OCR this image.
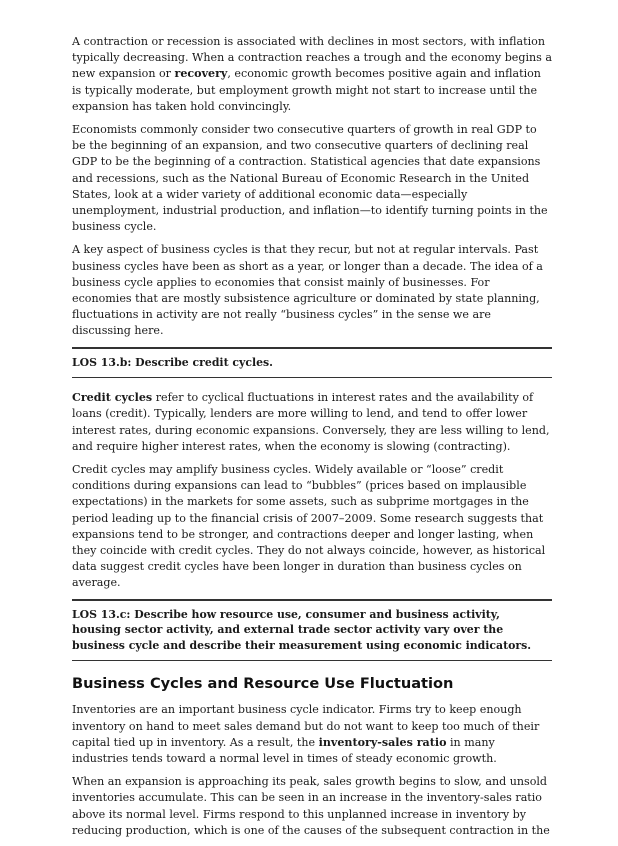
A contraction or recession is associated with declines in most sectors, with inflation typically decreasing. When a contraction reaches a trough and the economy begins a new expansion or recovery, economic growth becomes positive again and inflation is typically moderate, but employment growth might not start to increase until the expansion has taken hold convincingly.

Economists commonly consider two consecutive quarters of growth in real GDP to be the beginning of an expansion, and two consecutive quarters of declining real GDP to be the beginning of a contraction. Statistical agencies that date expansions and recessions, such as the National Bureau of Economic Research in the United States, look at a wider variety of additional economic data—especially unemployment, industrial production, and inflation—to identify turning points in the business cycle.

A key aspect of business cycles is that they recur, but not at regular intervals. Past business cycles have been as short as a year, or longer than a decade. The idea of a business cycle applies to economies that consist mainly of businesses. For economies that are mostly subsistence agriculture or dominated by state planning, fluctuations in activity are not really “business cycles” in the sense we are discussing here.

LOS 13.b: Describe credit cycles.

Credit cycles refer to cyclical fluctuations in interest rates and the availability of loans (credit). Typically, lenders are more willing to lend, and tend to offer lower interest rates, during economic expansions. Conversely, they are less willing to lend, and require higher interest rates, when the economy is slowing (contracting).

Credit cycles may amplify business cycles. Widely available or “loose” credit conditions during expansions can lead to “bubbles” (prices based on implausible expectations) in the markets for some assets, such as subprime mortgages in the period leading up to the financial crisis of 2007–2009. Some research suggests that expansions tend to be stronger, and contractions deeper and longer lasting, when they coincide with credit cycles. They do not always coincide, however, as historical data suggest credit cycles have been longer in duration than business cycles on average.

LOS 13.c: Describe how resource use, consumer and business activity, housing sector activity, and external trade sector activity vary over the business cycle and describe their measurement using economic indicators.
Business Cycles and Resource Use Fluctuation

Inventories are an important business cycle indicator. Firms try to keep enough inventory on hand to meet sales demand but do not want to keep too much of their capital tied up in inventory. As a result, the inventory-sales ratio in many industries tends toward a normal level in times of steady economic growth.

When an expansion is approaching its peak, sales growth begins to slow, and unsold inventories accumulate. This can be seen in an increase in the inventory-sales ratio above its normal level. Firms respond to this unplanned increase in inventory by reducing production, which is one of the causes of the subsequent contraction in the
